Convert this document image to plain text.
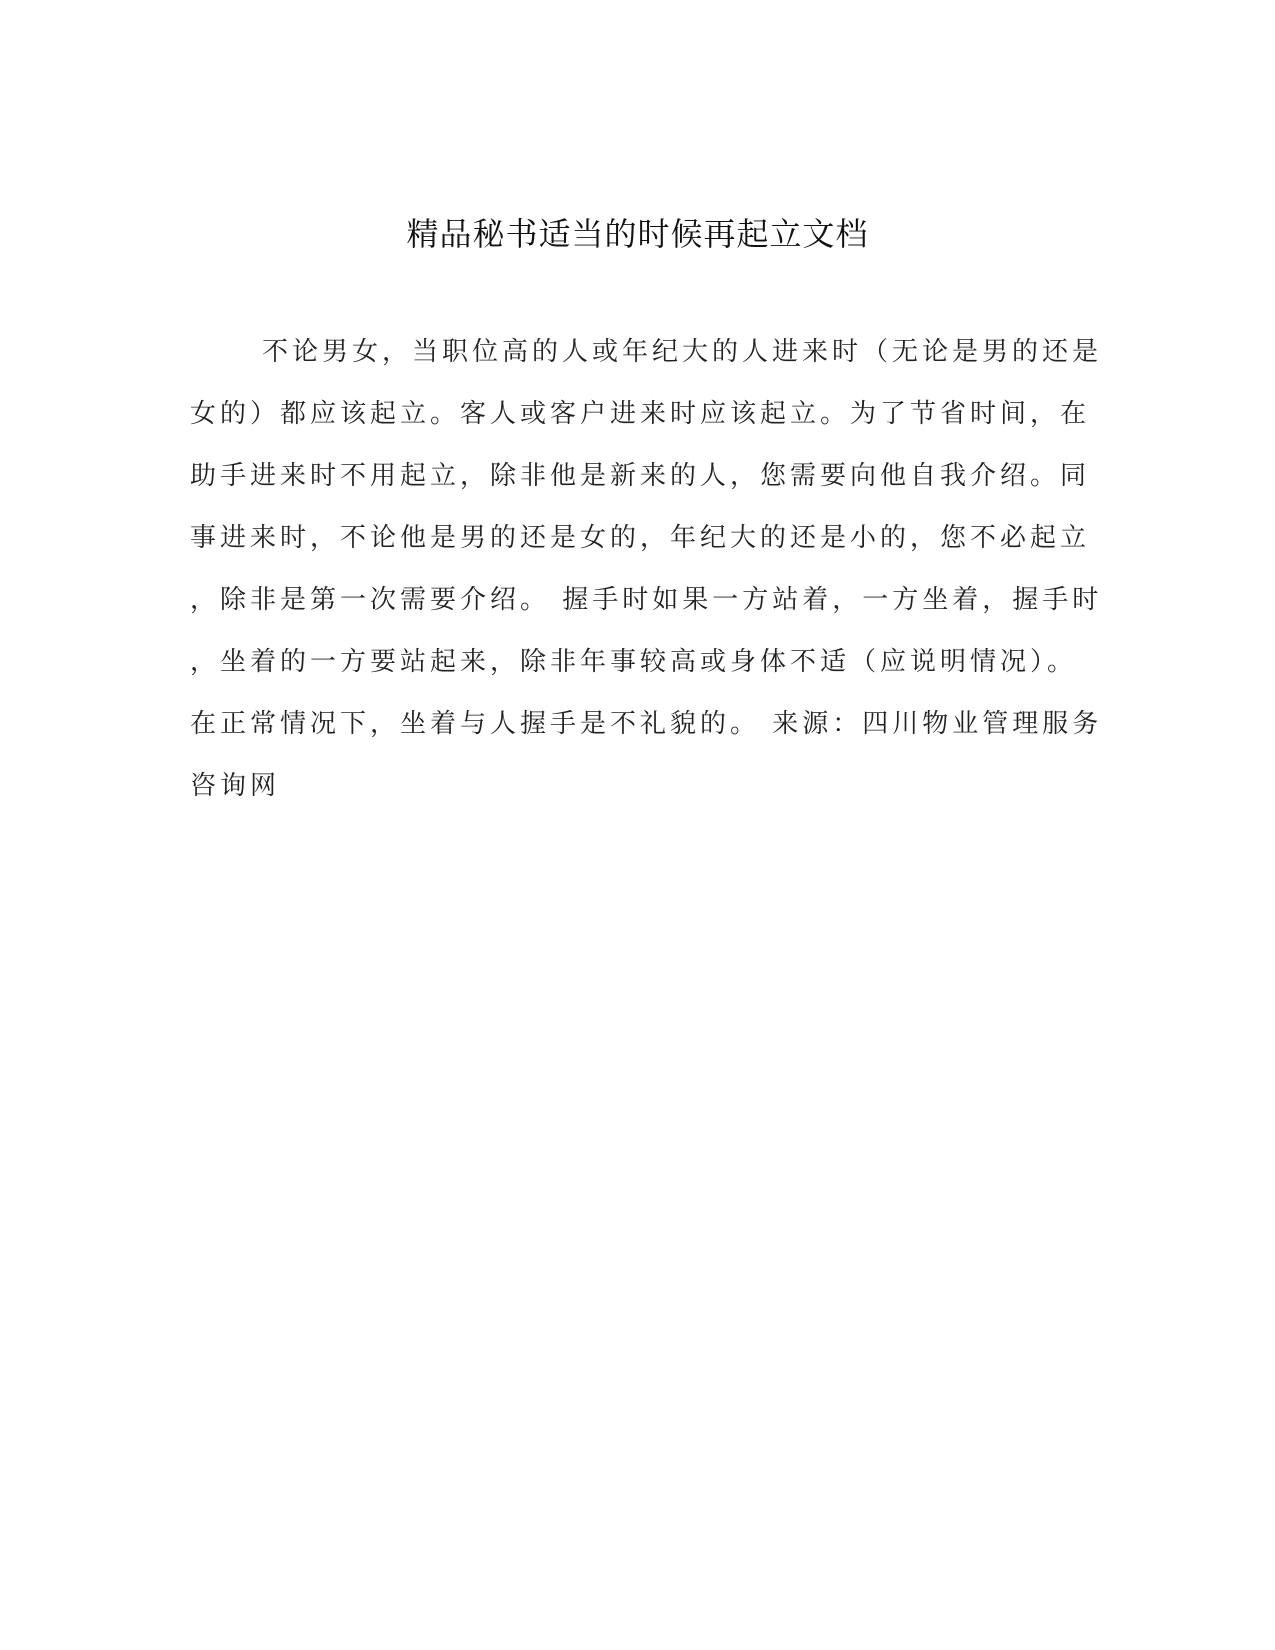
精品秘书适当的时候再起立文档
不论男女，当职位高的人或年纪大的人进来时（无论是男的还是
女的）都应该起立。客人或客户进来时应该起立。为了节省时间，在
助手进来时不用起立，除非他是新来的人，您需要向他自我介绍。同
事进来时，不论他是男的还是女的，年纪大的还是小的，您不必起立
，除非是第一次需要介绍。 握手时如果一方站着，一方坐着，握手时
，坐着的一方要站起来，除非年事较高或身体不适（应说明情况）。
在正常情况下，坐着与人握手是不礼貌的。 来源：四川物业管理服务
咨询网
